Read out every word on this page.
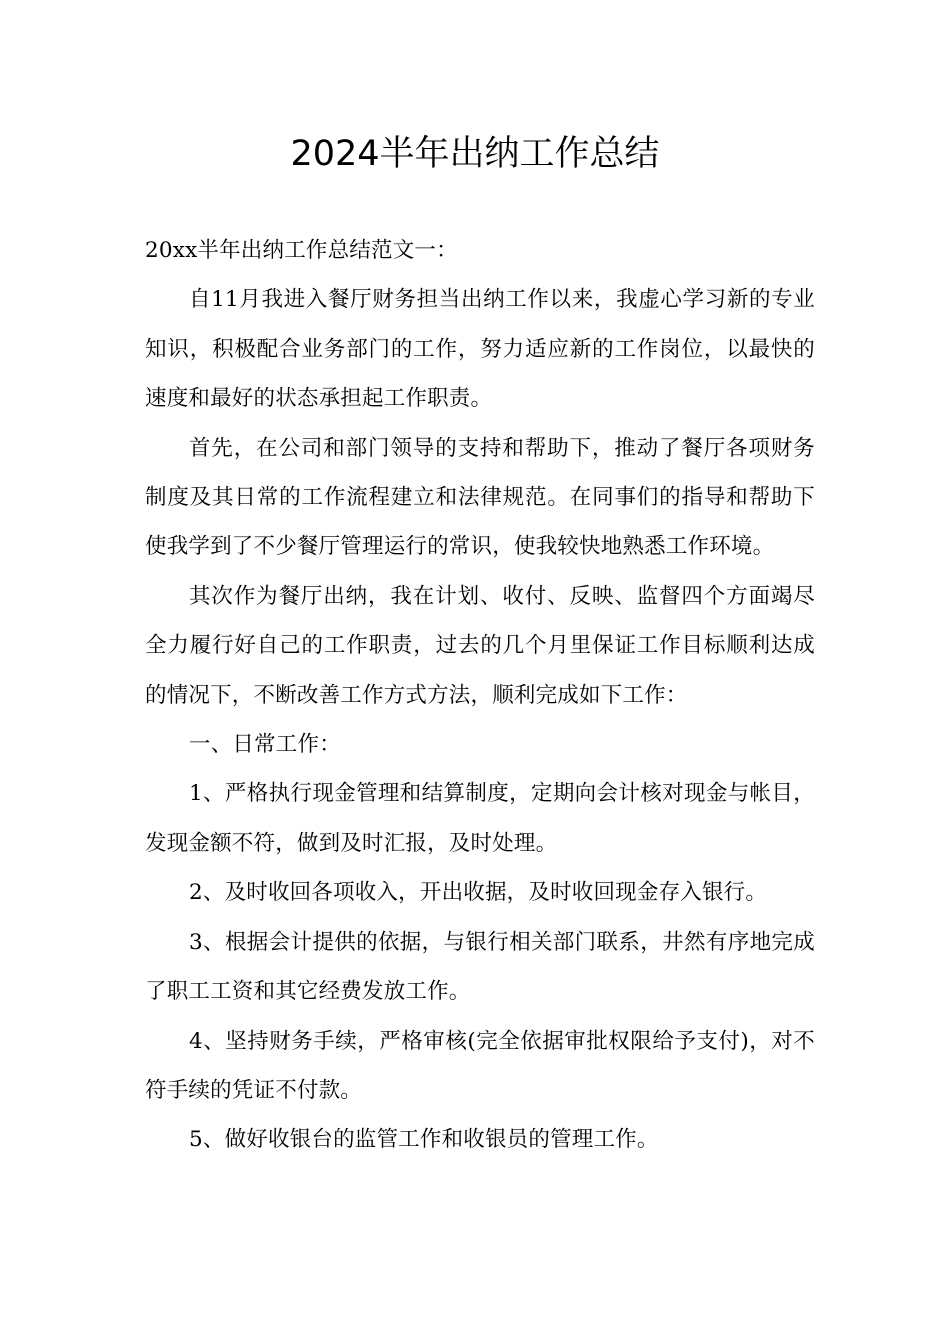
2024半年出纳工作总结

20xx半年出纳工作总结范文一：

自11月我进入餐厅财务担当出纳工作以来，我虚心学习新的专业知识，积极配合业务部门的工作，努力适应新的工作岗位，以最快的速度和最好的状态承担起工作职责。

首先，在公司和部门领导的支持和帮助下，推动了餐厅各项财务制度及其日常的工作流程建立和法律规范。在同事们的指导和帮助下使我学到了不少餐厅管理运行的常识，使我较快地熟悉工作环境。

其次作为餐厅出纳，我在计划、收付、反映、监督四个方面竭尽全力履行好自己的工作职责，过去的几个月里保证工作目标顺利达成的情况下，不断改善工作方式方法，顺利完成如下工作：

一、日常工作：

1、严格执行现金管理和结算制度，定期向会计核对现金与帐目，发现金额不符，做到及时汇报，及时处理。

2、及时收回各项收入，开出收据，及时收回现金存入银行。

3、根据会计提供的依据，与银行相关部门联系，井然有序地完成了职工工资和其它经费发放工作。

4、坚持财务手续，严格审核(完全依据审批权限给予支付)，对不符手续的凭证不付款。

5、做好收银台的监管工作和收银员的管理工作。
